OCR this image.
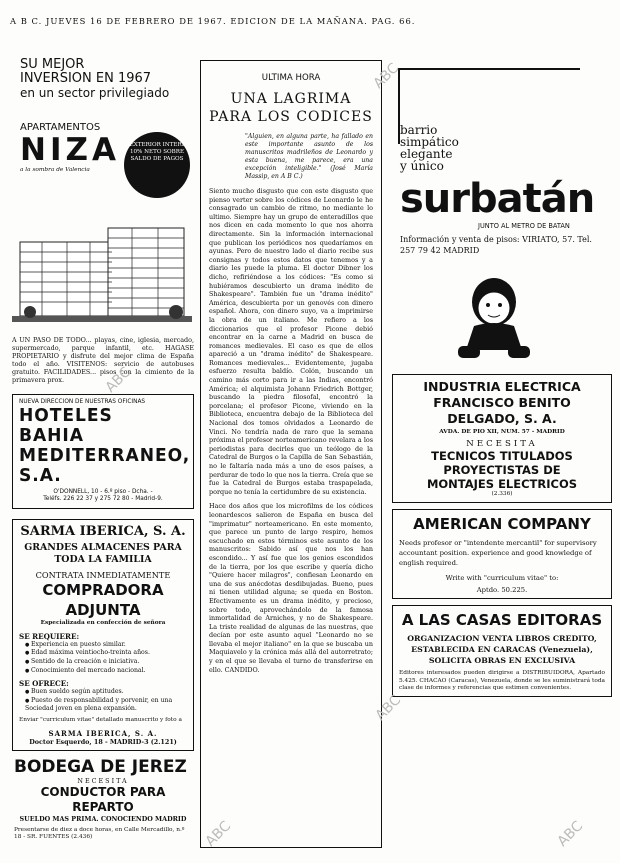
A B C. JUEVES 16 DE FEBRERO DE 1967. EDICION DE LA MAÑANA. PAG. 66.
SU MEJOR
INVERSION EN 1967
en un sector privilegiado
APARTAMENTOS
NIZA
a la sombra de Valencia
...EXTERIOR INTERES 10% NETO SOBRE SALDO DE PAGOS

A UN PASO DE TODO... playas, cine, iglesia, mercado, supermercado, parque infantil, etc. HAGASE PROPIETARIO y disfrute del mejor clima de España todo el año. VISITENOS: servicio de autobuses gratuito. FACILIDADES... pisos con la cimiento de la primavera prox.

NUEVA DIRECCION DE NUESTRAS OFICINAS
HOTELES BAHIA
MEDITERRANEO, S.A.
O'DONNELL, 10 - 6.º piso - Dcha. -
Teléfs. 226 22 37 y 275 72 80 - Madrid-9.
SARMA IBERICA, S. A.
GRANDES ALMACENES PARA
TODA LA FAMILIA
CONTRATA INMEDIATAMENTE
COMPRADORA ADJUNTA
Especializada en confección de señora
SE REQUIERE:
● Experiencia en puesto similar.
● Edad máxima veintiocho-treinta años.
● Sentido de la creación e iniciativa.
● Conocimiento del mercado nacional.
SE OFRECE:
● Buen sueldo según aptitudes.
● Puesto de responsabilidad y porvenir, en una Sociedad joven en plena expansión.

Enviar "curriculum vitae" detallado manuscrito y foto a

SARMA IBERICA, S. A.
Doctor Esquerdo, 18 - MADRID-3 (2.121)
BODEGA DE JEREZ
NECESITA
CONDUCTOR PARA REPARTO
SUELDO MAS PRIMA. CONOCIENDO MADRID

Presentarse de diez a doce horas, en Calle Mercadillo, n.º 18 - SR. FUENTES (2.436)

ULTIMA HORA
UNA LAGRIMA
PARA LOS CODICES

"Alguien, en alguna parte, ha fallado en este importante asunto de los manuscritos madrileños de Leonardo y esta buena, me parece, era una excepción inteligible." (José María Massip, en A B C.)

Siento mucho disgusto que con este disgusto que pienso verter sobre los códices de Leonardo le he consagrado un cambio de ritmo, no mediante lo ultimo. Siempre hay un grupo de enteradillos que nos dicen en cada momento lo que nos ahorra directamente. Sin la información internacional que publican los periódicos nos quedaríamos en ayunas. Pero de nuestro lado el diario recibe sus consignas y todos estos datos que tenemos y a diario les puede la pluma. El doctor Dibner los dicho, refiriéndose a los códices: "Es como si hubiéramos descubierto un drama inédito de Shakespeare". También fue un "drama inédito" América, descubierta por un genovés con dinero español. Ahora, con dinero suyo, va a imprimirse la obra de un italiano. Me refiero a los diccionarios que el profesor Picone debió encontrar en la carne a Madrid en busca de romances medievales. El caso es que de ellos apareció a un "drama inédito" de Shakespeare. Romances medievales... Evidentemente, jugaba esfuerzo resulta baldío. Colón, buscando un camino más corto para ir a las Indias, encontró América; el alquimista Johann Friedrich Bottger, buscando la piedra filosofal, encontró la porcelana; el profesor Picone, viviendo en la Biblioteca, encuentra debajo de la Biblioteca del Nacional dos tomos olvidados a Leonardo de Vinci. No tendría nada de raro que la semana próxima el profesor norteamericano revelara a los periodistas para decirles que un teólogo de la Catedral de Burgos o la Capilla de San Sebastián, no le faltaría nada más a uno de esos países, a perdurar de todo lo que nos la tierra. Creía que se fue la Catedral de Burgos estaba traspapelada, porque no tenía la certidumbre de su existencia.

Hace dos años que los microfilms de los códices leonardescos salieron de España en busca del "imprimatur" norteamericano. En este momento, que parece un punto de largo respiro, hemos escuchado en estos términos este asunto de los manuscritos: Sabido así que nos los han escondido... Y así fue que los genios escondidos de la tierra, por los que escribe y quería dicho "Quiere hacer milagros", confiesan Leonardo en una de sus anécdotas desdibujadas. Bueno, pues ni tienen utilidad alguna; se queda en Boston. Efectivamente es un drama inédito, y precioso, sobre todo, aprovechándolo de la famosa inmortalidad de Arniches, y no de Shakespeare. La triste realidad de algunas de las nuestras, que decían por este asunto aquel "Leonardo no se llevaba el mejor italiano" en la que se buscaba un Maquiavelo y la crónica más allá del autorretrato; y en el que se llevaba el turno de transferirse en ello. CANDIDO.

barrio
simpático
elegante
y único
surbatán
JUNTO AL METRO DE BATAN

Información y venta de pisos: VIRIATO, 57. Tel. 257 79 42 MADRID

INDUSTRIA ELECTRICA
FRANCISCO BENITO
DELGADO, S. A.
AVDA. DE PIO XII, NUM. 57 - MADRID
NECESITA
TECNICOS TITULADOS
PROYECTISTAS DE
MONTAJES ELECTRICOS
(2.336)
AMERICAN COMPANY

Needs profesor or "intendente mercantil" for supervisory accountant position. experience and good knowledge of english required.

Write with "curriculum vitae" to:
Aptdo. 50.225.
A LAS CASAS EDITORAS

ORGANIZACION VENTA LIBROS CREDITO, ESTABLECIDA EN CARACAS (Venezuela), SOLICITA OBRAS EN EXCLUSIVA

Editores interesados pueden dirigirse a DISTRIBUIDORA, Apartado 5.425. CHACAO (Caracas), Venezuela, donde se les suministrará toda clase de informes y referencias que estimen convenientes.

ABC
ABC
ABC
ABC	ABC
